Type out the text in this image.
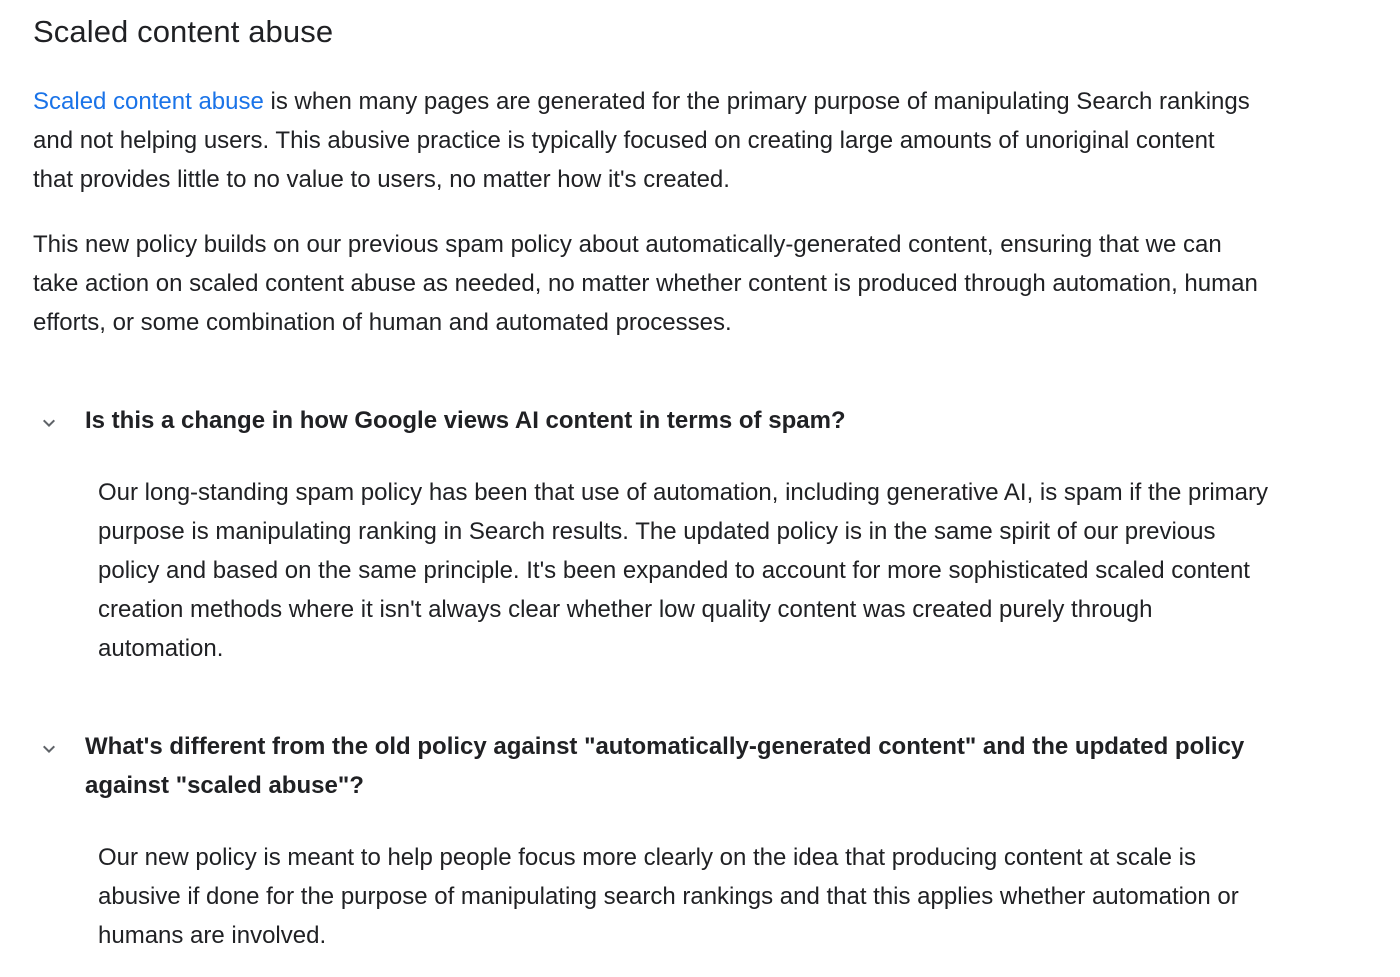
Scaled content abuse

Scaled content abuse is when many pages are generated for the primary purpose of manipulating Search rankings
and not helping users. This abusive practice is typically focused on creating large amounts of unoriginal content
that provides little to no value to users, no matter how it's created.

This new policy builds on our previous spam policy about automatically-generated content, ensuring that we can
take action on scaled content abuse as needed, no matter whether content is produced through automation, human
efforts, or some combination of human and automated processes.

Is this a change in how Google views AI content in terms of spam?
Our long-standing spam policy has been that use of automation, including generative AI, is spam if the primary
purpose is manipulating ranking in Search results. The updated policy is in the same spirit of our previous
policy and based on the same principle. It's been expanded to account for more sophisticated scaled content
creation methods where it isn't always clear whether low quality content was created purely through
automation.
What's different from the old policy against "automatically-generated content" and the updated policy
against "scaled abuse"?
Our new policy is meant to help people focus more clearly on the idea that producing content at scale is
abusive if done for the purpose of manipulating search rankings and that this applies whether automation or
humans are involved.
